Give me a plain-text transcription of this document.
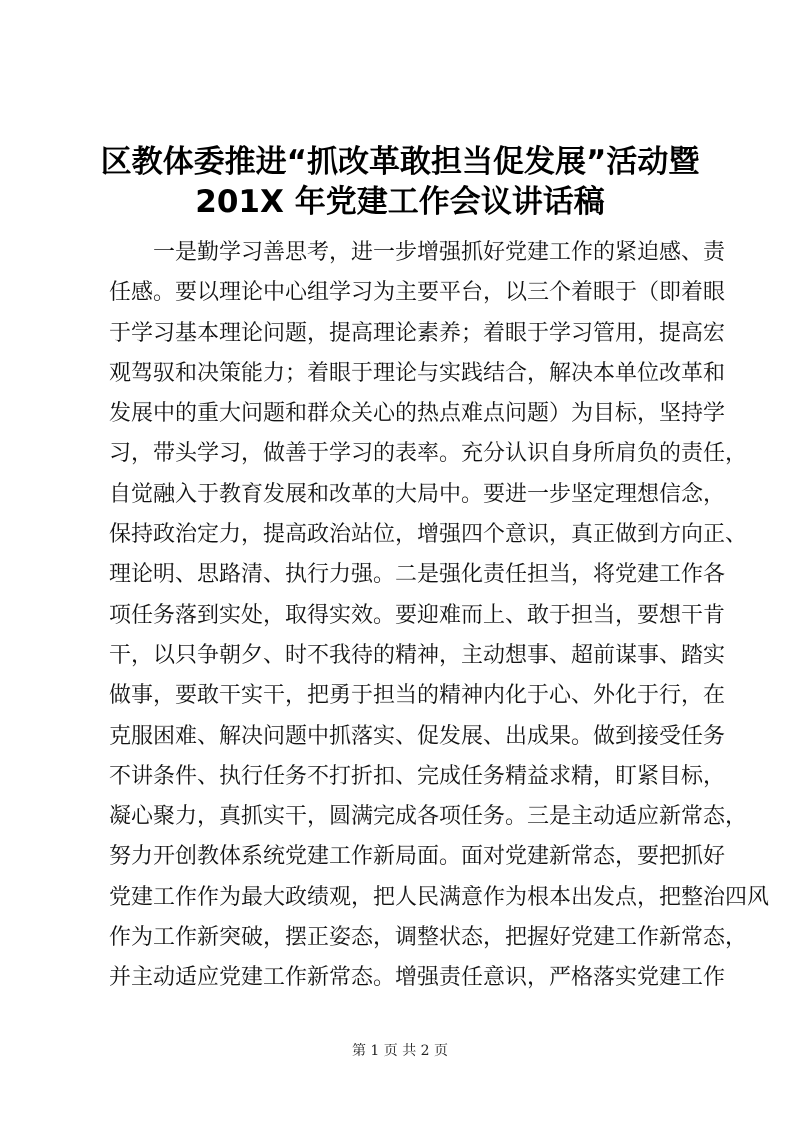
区教体委推进“抓改革敢担当促发展”活动暨
201X 年党建工作会议讲话稿
一是勤学习善思考，进一步增强抓好党建工作的紧迫感、责
任感。要以理论中心组学习为主要平台，以三个着眼于（即着眼
于学习基本理论问题，提高理论素养；着眼于学习管用，提高宏
观驾驭和决策能力；着眼于理论与实践结合，解决本单位改革和
发展中的重大问题和群众关心的热点难点问题）为目标，坚持学
习，带头学习，做善于学习的表率。充分认识自身所肩负的责任，
自觉融入于教育发展和改革的大局中。要进一步坚定理想信念，
保持政治定力，提高政治站位，增强四个意识，真正做到方向正、
理论明、思路清、执行力强。二是强化责任担当，将党建工作各
项任务落到实处，取得实效。要迎难而上、敢于担当，要想干肯
干，以只争朝夕、时不我待的精神，主动想事、超前谋事、踏实
做事，要敢干实干，把勇于担当的精神内化于心、外化于行，在
克服困难、解决问题中抓落实、促发展、出成果。做到接受任务
不讲条件、执行任务不打折扣、完成任务精益求精，盯紧目标，
凝心聚力，真抓实干，圆满完成各项任务。三是主动适应新常态，
努力开创教体系统党建工作新局面。面对党建新常态，要把抓好
党建工作作为最大政绩观，把人民满意作为根本出发点，把整治四风
作为工作新突破，摆正姿态，调整状态，把握好党建工作新常态，
并主动适应党建工作新常态。增强责任意识，严格落实党建工作
第 1 页 共 2 页
